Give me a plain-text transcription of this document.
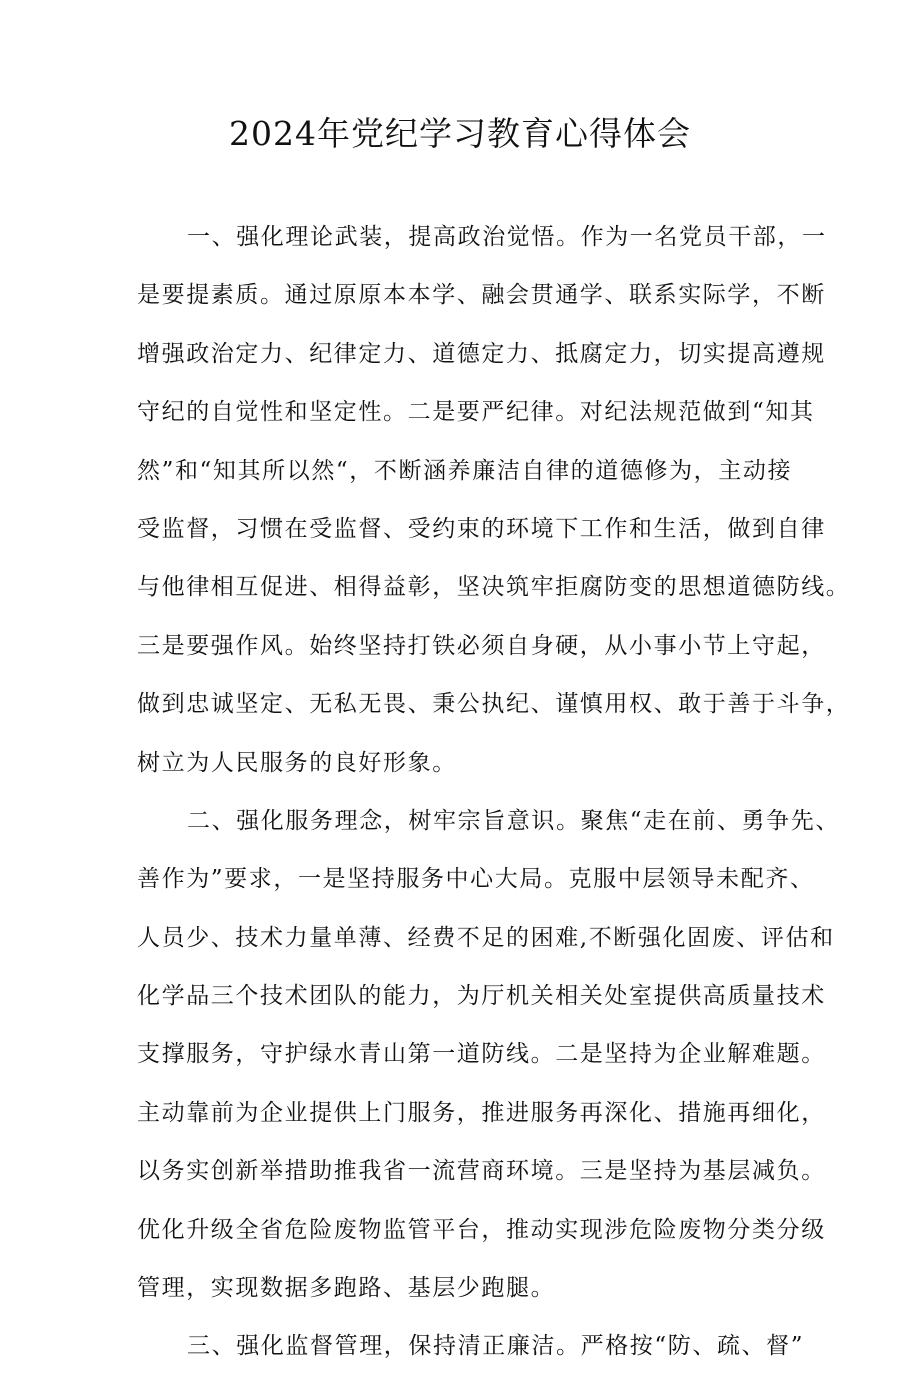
2024年党纪学习教育心得体会
一、强化理论武装，提高政治觉悟。作为一名党员干部，一
是要提素质。通过原原本本学、融会贯通学、联系实际学，不断
增强政治定力、纪律定力、道德定力、抵腐定力，切实提高遵规
守纪的自觉性和坚定性。二是要严纪律。对纪法规范做到“知其
然”和“知其所以然“，不断涵养廉洁自律的道德修为，主动接
受监督，习惯在受监督、受约束的环境下工作和生活，做到自律
与他律相互促进、相得益彰，坚决筑牢拒腐防变的思想道德防线。
三是要强作风。始终坚持打铁必须自身硬，从小事小节上守起，
做到忠诚坚定、无私无畏、秉公执纪、谨慎用权、敢于善于斗争，
树立为人民服务的良好形象。
二、强化服务理念，树牢宗旨意识。聚焦“走在前、勇争先、
善作为”要求，一是坚持服务中心大局。克服中层领导未配齐、
人员少、技术力量单薄、经费不足的困难,不断强化固废、评估和
化学品三个技术团队的能力，为厅机关相关处室提供高质量技术
支撑服务，守护绿水青山第一道防线。二是坚持为企业解难题。
主动靠前为企业提供上门服务，推进服务再深化、措施再细化，
以务实创新举措助推我省一流营商环境。三是坚持为基层减负。
优化升级全省危险废物监管平台，推动实现涉危险废物分类分级
管理，实现数据多跑路、基层少跑腿。
三、强化监督管理，保持清正廉洁。严格按“防、疏、督”
